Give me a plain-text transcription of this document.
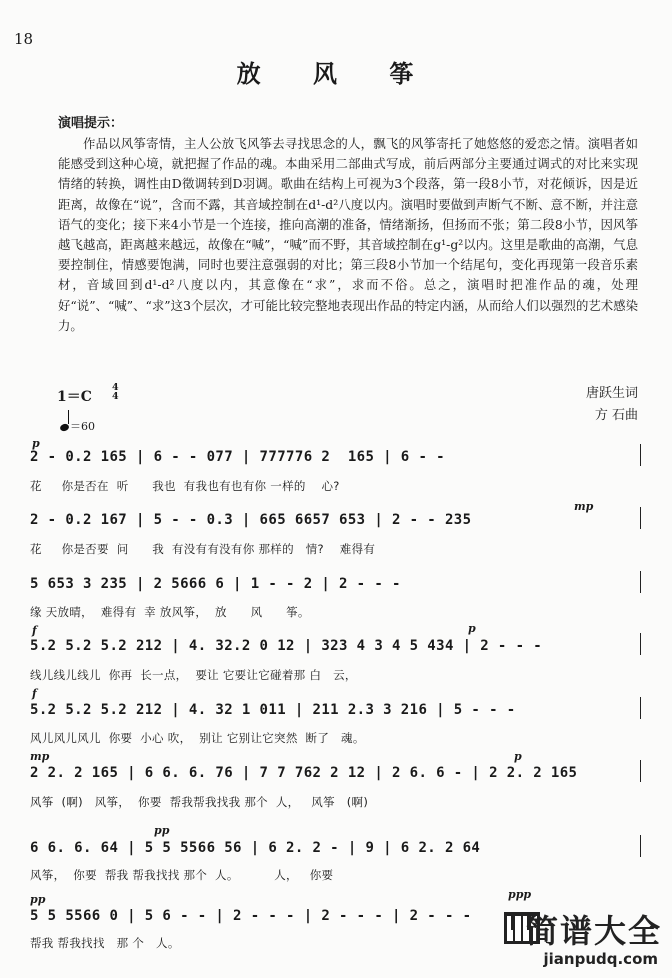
18
放 风 筝
演唱提示：
作品以风筝寄情，主人公放飞风筝去寻找思念的人，飘飞的风筝寄托了她悠悠的爱恋之情。演唱者如能感受到这种心境，就把握了作品的魂。本曲采用二部曲式写成，前后两部分主要通过调式的对比来实现情绪的转换，调性由D徵调转到D羽调。歌曲在结构上可视为3个段落，第一段8小节，对花倾诉，因是近距离，故像在“说”，含而不露，其音域控制在d¹-d²八度以内。演唱时要做到声断气不断、意不断，并注意语气的变化；接下来4小节是一个连接，推向高潮的准备，情绪渐扬，但扬而不张；第二段8小节，因风筝越飞越高，距离越来越远，故像在“喊”，“喊”而不野，其音域控制在g¹-g²以内。这里是歌曲的高潮，气息要控制住，情感要饱满，同时也要注意强弱的对比；第三段8小节加一个结尾句，变化再现第一段音乐素材，音域回到d¹-d²八度以内，其意像在“求”，求而不俗。总之，演唱时把准作品的魂，处理好“说”、“喊”、“求”这3个层次，才可能比较完整地表现出作品的特定内涵，从而给人们以强烈的艺术感染力。
1＝C
4
4
＝60
唐跃生词
方 石曲
p
2 - 0.2 165 | 6 - - 077 | 777776 2  165 | 6 - -
花     你是否在  听      我也  有我也有也有你 一样的    心?
mp
2 - 0.2 167 | 5 - - 0.3 | 665 6657 653 | 2 - - 235
花     你是否要  问      我  有没有有没有你 那样的   情?    难得有
5 653 3 235 | 2 5666 6 | 1 - - 2 | 2 - - -
缘 天放晴，  难得有  幸 放风筝，  放      风      筝。
f	p
5.2 5.2 5.2 212 | 4. 32.2 0 12 | 323 4 3 4 5 434 | 2 - - -
线儿线儿线儿  你再  长一点，  要让 它要让它碰着那 白   云，
f
5.2 5.2 5.2 212 | 4. 32 1 011 | 211 2.3 3 216 | 5 - - -
风儿风儿风儿  你要  小心 吹，  别让 它别让它突然  断了   魂。
mp	p
2 2. 2 165 | 6 6. 6. 76 | 7 7 762 2 12 | 2 6. 6 - | 2 2. 2 165
风筝  (啊)   风筝，  你要  帮我帮我找我 那个  人，   风筝   (啊)
pp
6 6. 6. 64 | 5 5 5566 56 | 6 2. 2 - | 9 | 6 2. 2 64
风筝，  你要  帮我 帮我找找 那个  人。         人，   你要
pp	ppp
5 5 5566 0 | 5 6 - - | 2 - - - | 2 - - - | 2 - - -
帮我 帮我找找   那 个   人。	简谱大全
jianpudq.com
